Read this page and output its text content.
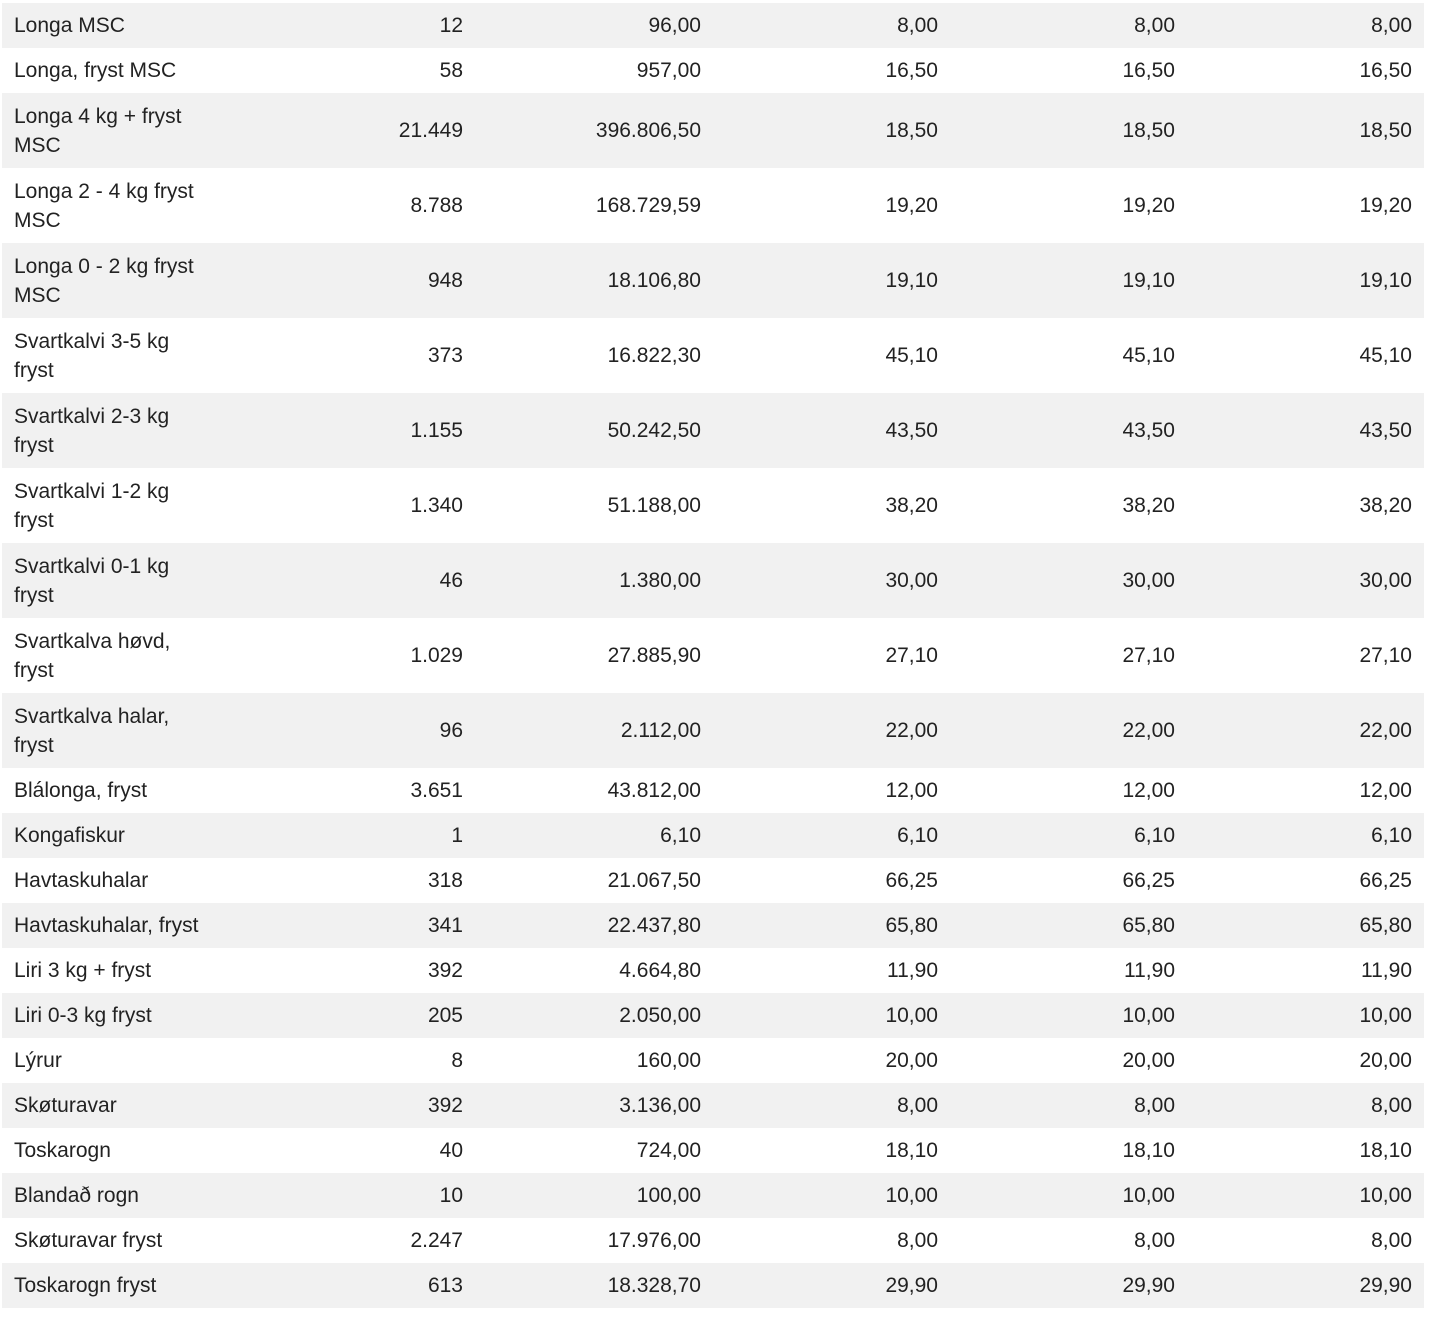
Longa MSC	12	96,00	8,00	8,00	8,00

Longa, fryst MSC	58	957,00	16,50	16,50	16,50

Longa 4 kg + fryst MSC	21.449	396.806,50	18,50	18,50	18,50

Longa 2 - 4 kg fryst MSC	8.788	168.729,59	19,20	19,20	19,20

Longa 0 - 2 kg fryst MSC	948	18.106,80	19,10	19,10	19,10

Svartkalvi 3-5 kg fryst	373	16.822,30	45,10	45,10	45,10

Svartkalvi 2-3 kg fryst	1.155	50.242,50	43,50	43,50	43,50

Svartkalvi 1-2 kg fryst	1.340	51.188,00	38,20	38,20	38,20

Svartkalvi 0-1 kg fryst	46	1.380,00	30,00	30,00	30,00

Svartkalva høvd, fryst	1.029	27.885,90	27,10	27,10	27,10

Svartkalva halar, fryst	96	2.112,00	22,00	22,00	22,00

Blálonga, fryst	3.651	43.812,00	12,00	12,00	12,00

Kongafiskur	1	6,10	6,10	6,10	6,10

Havtaskuhalar	318	21.067,50	66,25	66,25	66,25

Havtaskuhalar, fryst	341	22.437,80	65,80	65,80	65,80

Liri 3 kg + fryst	392	4.664,80	11,90	11,90	11,90

Liri 0-3 kg fryst	205	2.050,00	10,00	10,00	10,00

Lýrur	8	160,00	20,00	20,00	20,00

Skøturavar	392	3.136,00	8,00	8,00	8,00

Toskarogn	40	724,00	18,10	18,10	18,10

Blandað rogn	10	100,00	10,00	10,00	10,00

Skøturavar fryst	2.247	17.976,00	8,00	8,00	8,00

Toskarogn fryst	613	18.328,70	29,90	29,90	29,90
